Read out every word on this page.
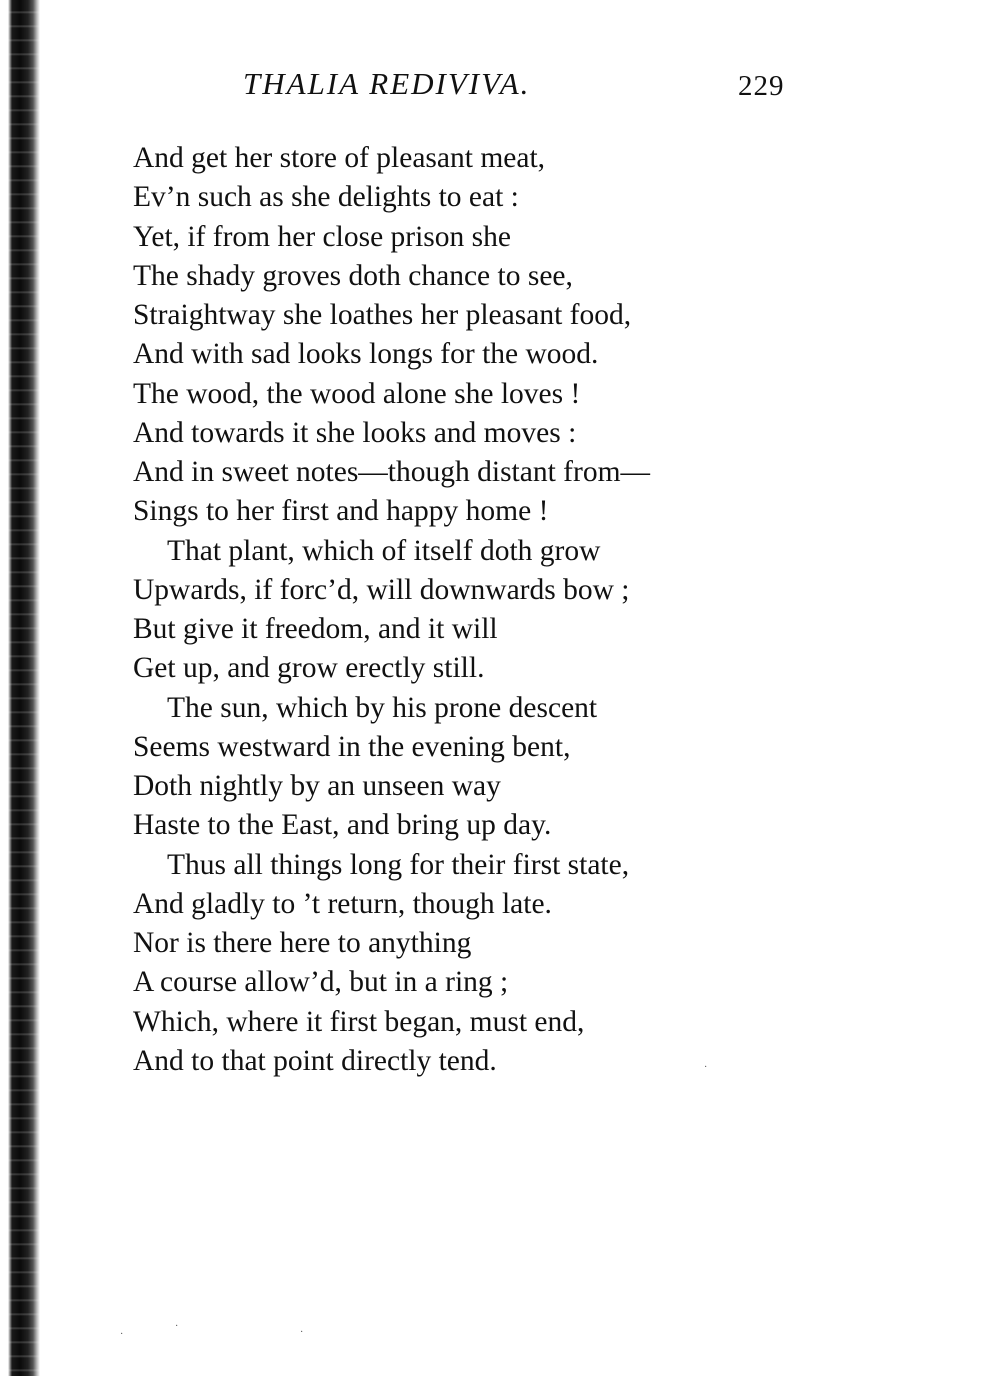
THALIA REDIVIVA.	229
And get her store of pleasant meat,
Ev’n such as she delights to eat :
Yet, if from her close prison she
The shady groves doth chance to see,
Straightway she loathes her pleasant food,
And with sad looks longs for the wood.
The wood, the wood alone she loves !
And towards it she looks and moves :
And in sweet notes—though distant from—
Sings to her first and happy home !
That plant, which of itself doth grow
Upwards, if forc’d, will downwards bow ;
But give it freedom, and it will
Get up, and grow erectly still.
The sun, which by his prone descent
Seems westward in the evening bent,
Doth nightly by an unseen way
Haste to the East, and bring up day.
Thus all things long for their first state,
And gladly to ’t return, though late.
Nor is there here to anything
A course allow’d, but in a ring ;
Which, where it first began, must end,
And to that point directly tend.	·
·
·
·
